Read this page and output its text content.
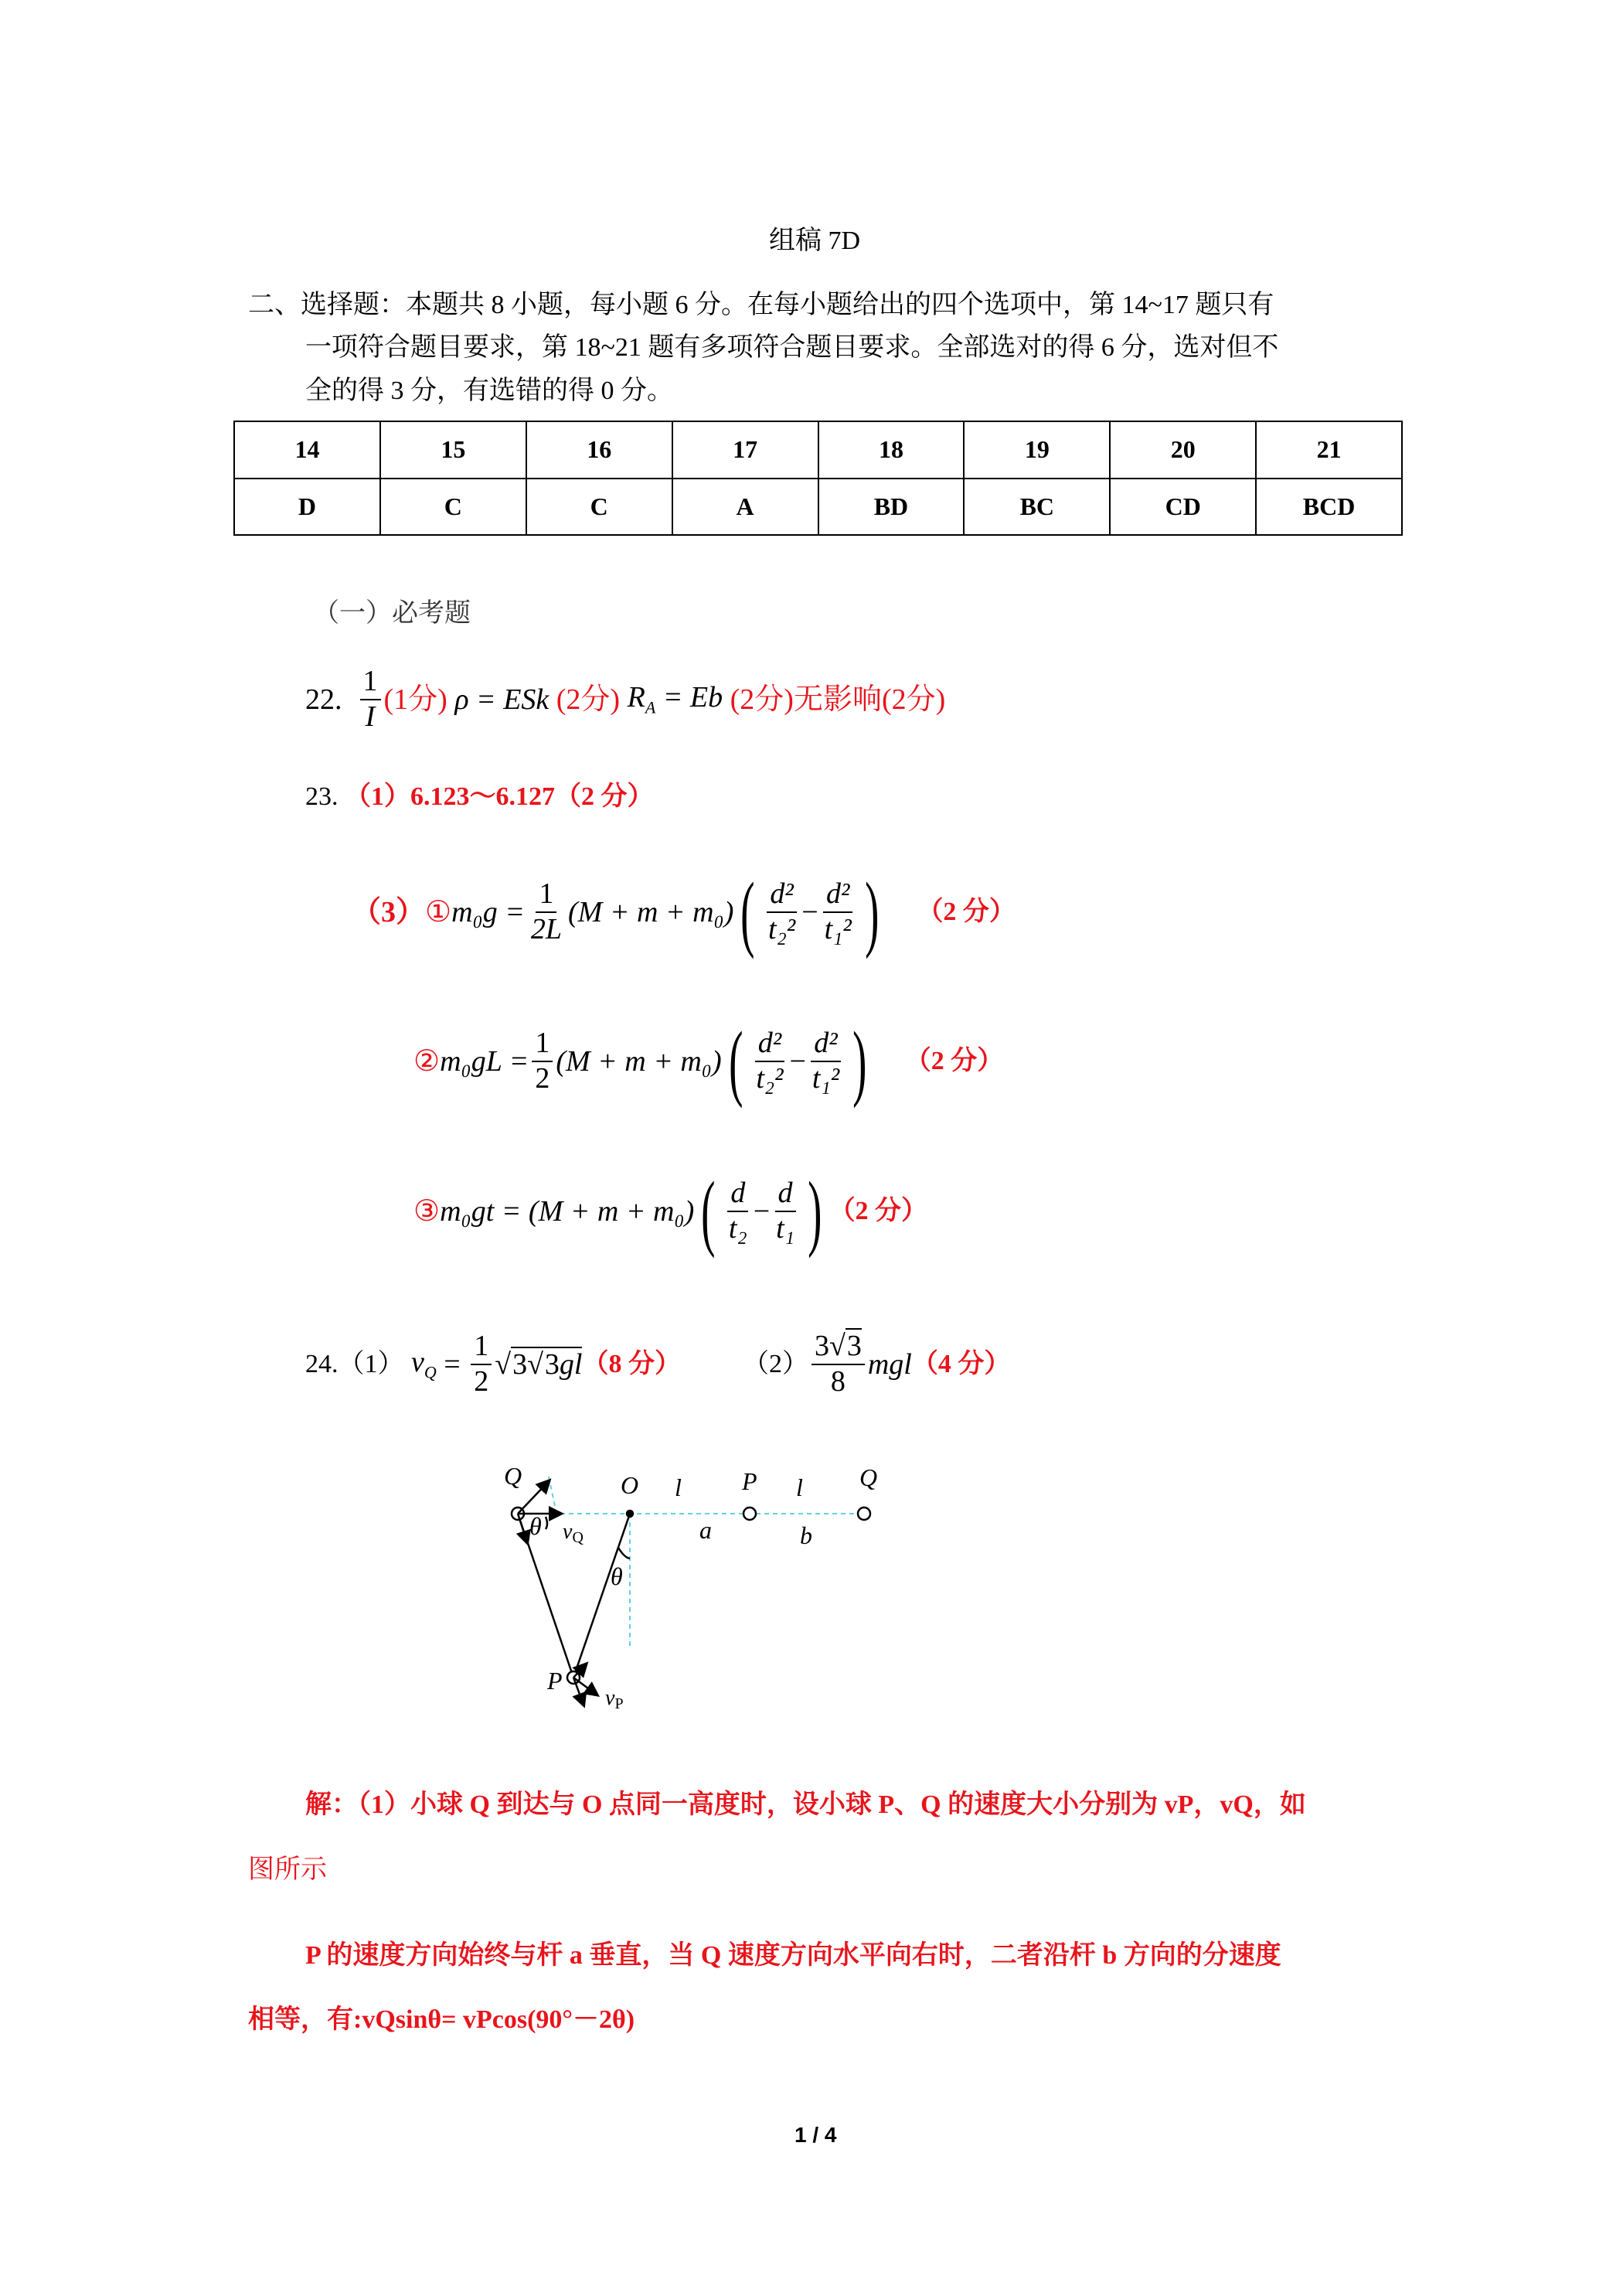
组稿 7D
二、选择题：本题共 8 小题，每小题 6 分。在每小题给出的四个选项中，第 14~17 题只有
一项符合题目要求，第 18~21 题有多项符合题目要求。全部选对的得 6 分，选对但不
全的得 3 分，有选错的得 0 分。
14	15	16	17	18	19	20	21
D	C	C	A	BD	BC	CD	BCD
（一）必考题
22.
$\frac{1}{I} (1$分)
ρ = ESk
(2分)
$R_A = Eb$
(2分) 无影响(2分)
23. （1）6.123～6.127（2 分）
（3） ① $m_0g = \frac{1}{2L} (M + m + m_0)$ ( $\frac{\text{d²}}{\text{t₂²}} - \frac{\text{d²}}{\text{t₁²}}$ ) （2 分）
② $m_0gL = \frac{1}{2} (M + m + m_0)$ ( $\frac{\text{d²}}{\text{t₂²}} - \frac{\text{d²}}{\text{t₁²}}$ ) （2 分）
③ m₀gt = (M + m + m₀) ( $\frac{d}{\text{t₂}} - \frac{d}{\text{t₁}}$ ) （2 分）
24.（1）
$v_Q = \frac{1}{2} √3√3gl$ （8 分） $(2) \frac{3√3}{8}$ mgl （4 分）
Q	O l P l Q
a	b
θ vQ
θ
P
vP
解：（1）小球 Q 到达与 O 点同一高度时，设小球 P、Q 的速度大小分别为 vP，vQ，如
图所示
P 的速度方向始终与杆 a 垂直，当 Q 速度方向水平向右时，二者沿杆 b 方向的分速度
相等，有:vQsinθ= vPcos(90°－2θ)
1 / 4
